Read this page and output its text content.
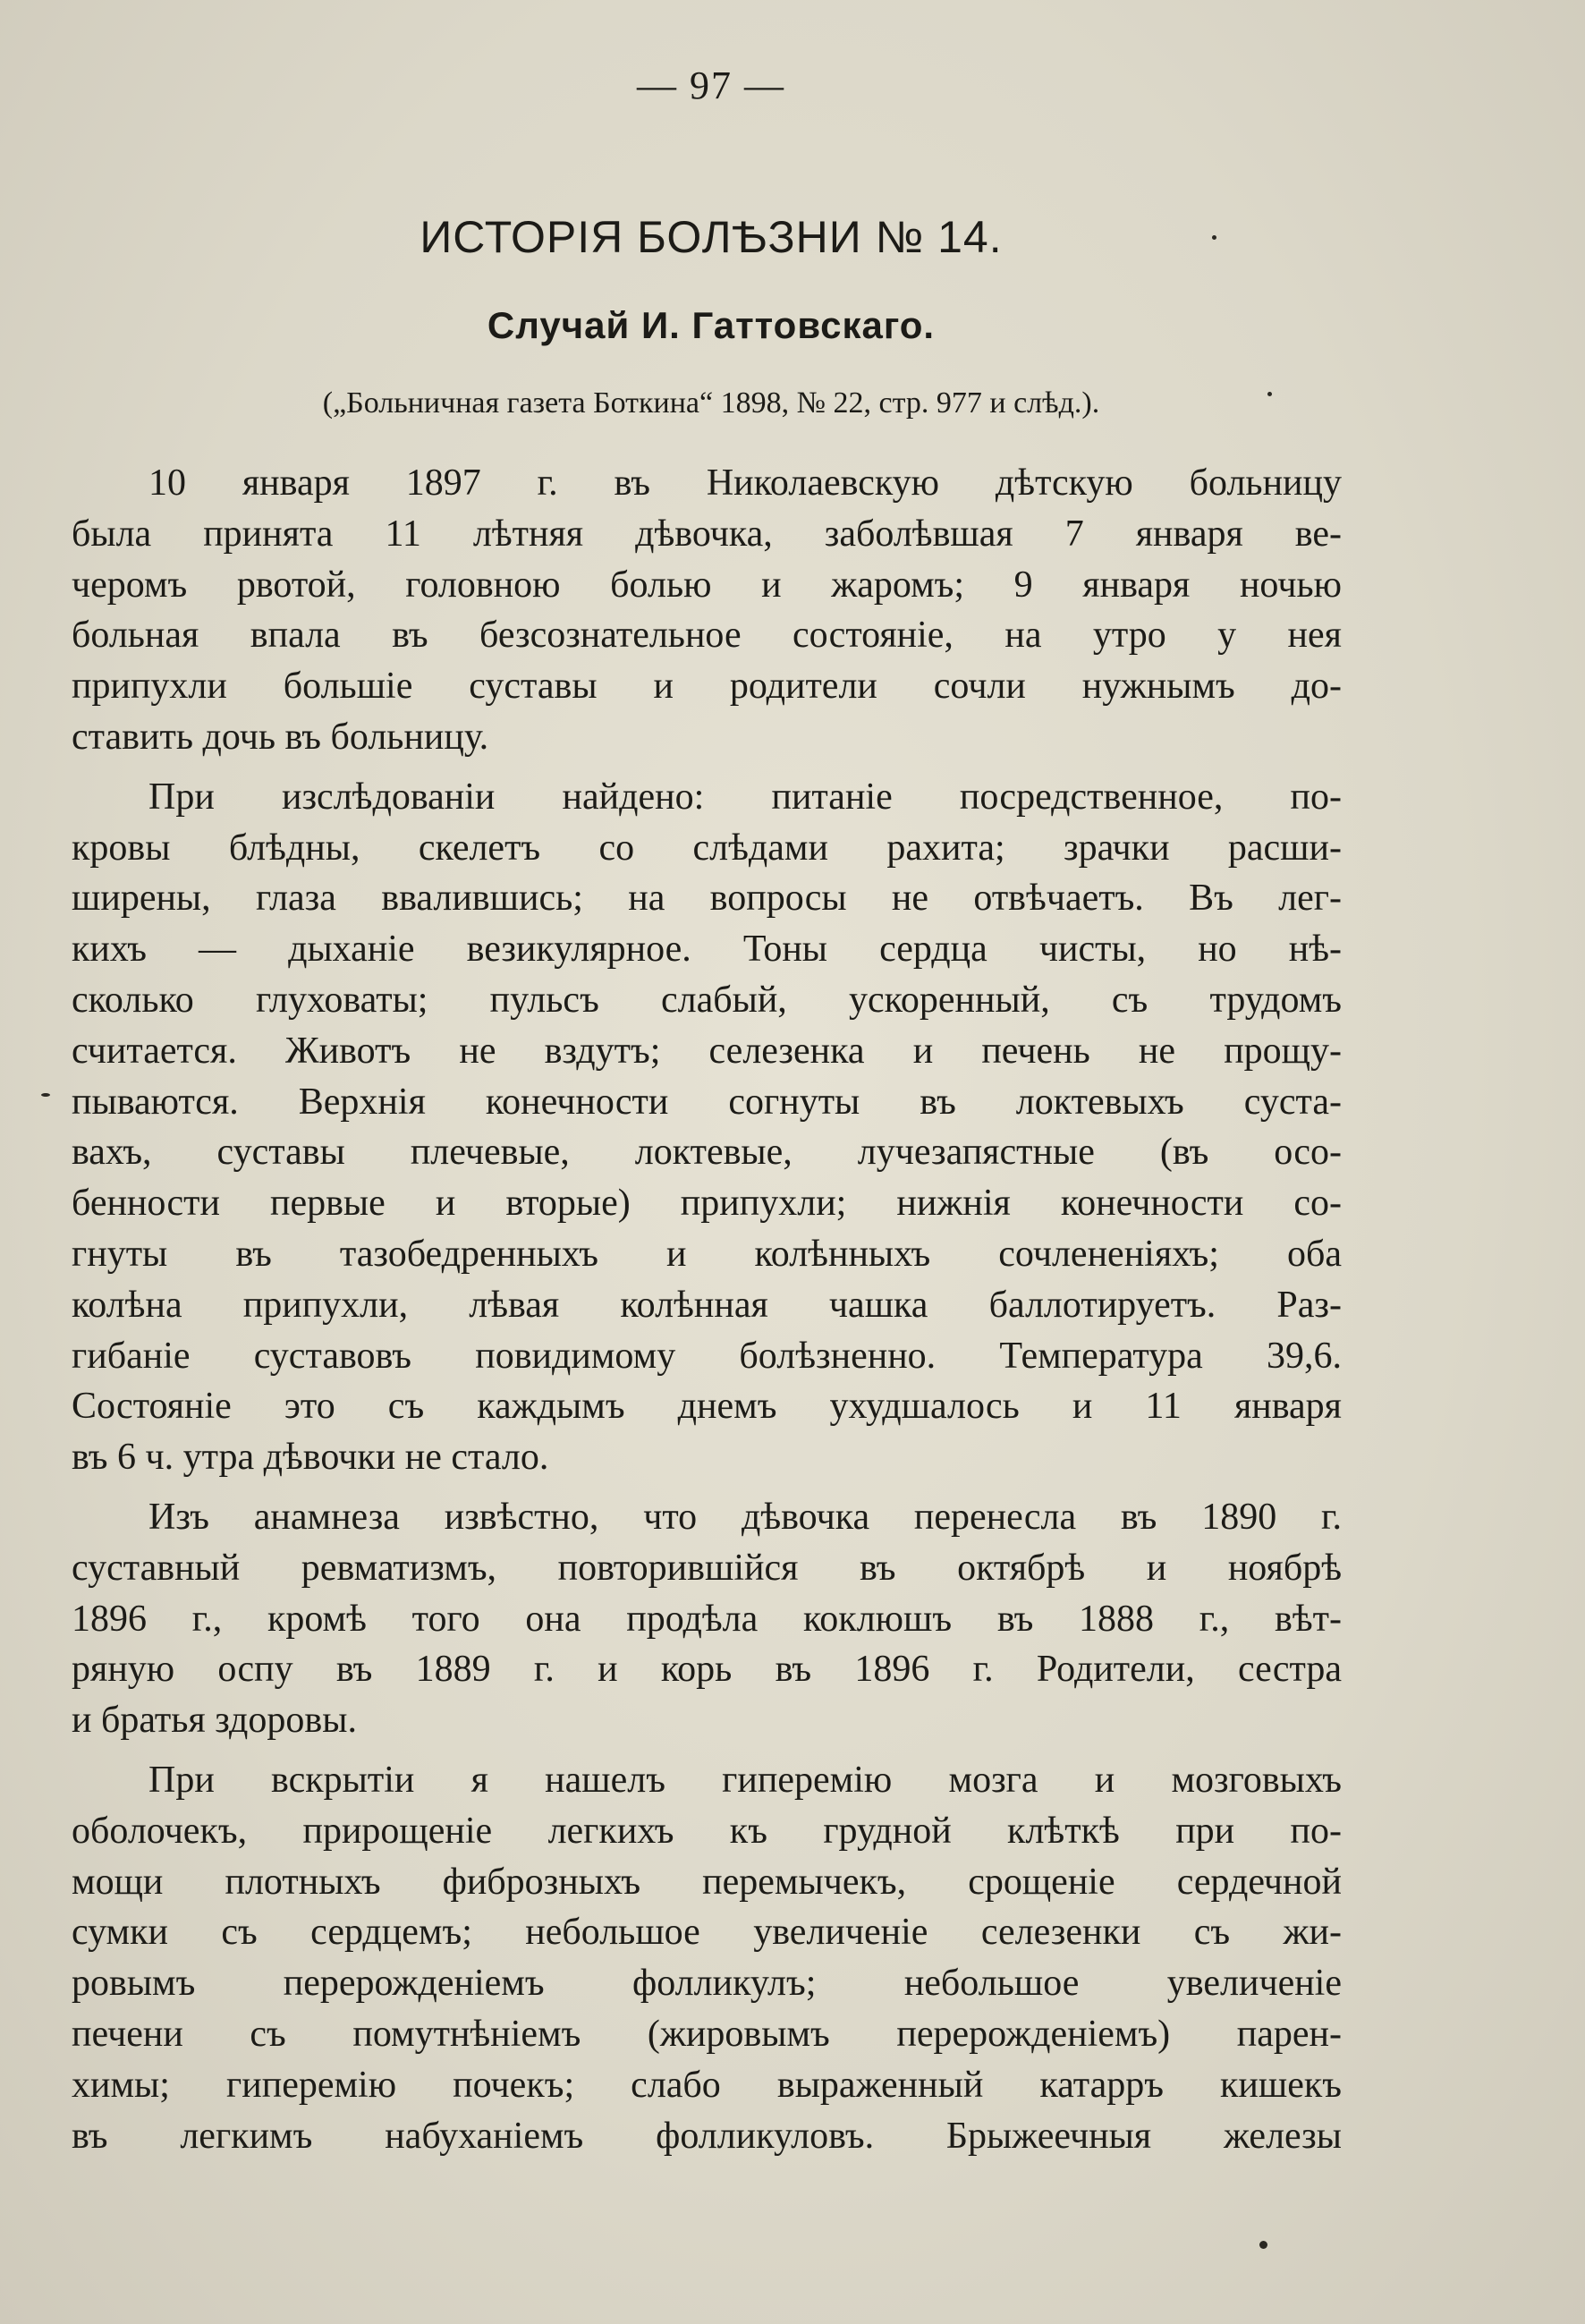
— 97 —
ИСТОРІЯ БОЛѢЗНИ № 14.
Случай И. Гаттовскаго.
(„Больничная газета Боткина“ 1898, № 22, стр. 977 и слѣд.).
10 января 1897 г. въ Николаевскую дѣтскую больницу
была принята 11 лѣтняя дѣвочка, заболѣвшая 7 января ве-
черомъ рвотой, головною болью и жаромъ; 9 января ночью
больная впала въ безсознательное состоянie, на утро у нея
припухли большie суставы и родители сочли нужнымъ до-
ставить дочь въ больницу.
При изслѣдованіи найдено: питанiе посредственное, по-
кровы блѣдны, скелетъ со слѣдами рахита; зрачки расши-
ширены, глаза ввалившись; на вопросы не отвѣчаетъ. Въ лег-
кихъ — дыханie везикулярное. Тоны сердца чисты, но нѣ-
сколько глуховаты; пульсъ слабый, ускоренный, съ трудомъ
считается. Животъ не вздутъ; селезенка и печень не прощу-
пываются. Верхнiя конечности согнуты въ локтевыхъ суста-
вахъ, суставы плечевые, локтевые, лучезапястные (въ осо-
бенности первые и вторые) припухли; нижнiя конечности со-
гнуты въ тазобедренныхъ и колѣнныхъ сочлененiяхъ; оба
колѣна припухли, лѣвая колѣнная чашка баллотируетъ. Раз-
гибанiе суставовъ повидимому болѣзненно. Температура 39,6.
Состоянie это съ каждымъ днемъ ухудшалось и 11 января
въ 6 ч. утра дѣвочки не стало.
Изъ анамнеза извѣстно, что дѣвочка перенесла въ 1890 г.
суставный ревматизмъ, повторившiйся въ октябрѣ и ноябрѣ
1896 г., кромѣ того она продѣла коклюшъ въ 1888 г., вѣт-
ряную оспу въ 1889 г. и корь въ 1896 г. Родители, сестра
и братья здоровы.
При вскрытiи я нашелъ гиперемiю мозга и мозговыхъ
оболочекъ, прирощенie легкихъ къ грудной клѣткѣ при по-
мощи плотныхъ фиброзныхъ перемычекъ, срощенie сердечной
сумки съ сердцемъ; небольшое увеличенie селезенки съ жи-
ровымъ перерожденiемъ фолликулъ; небольшое увеличенie
печени съ помутнѣнiемъ (жировымъ перерожденiемъ) парен-
химы; гиперемiю почекъ; слабо выраженный катарръ кишекъ
въ легкимъ набуханiемъ фолликуловъ. Брыжеечныя железы
